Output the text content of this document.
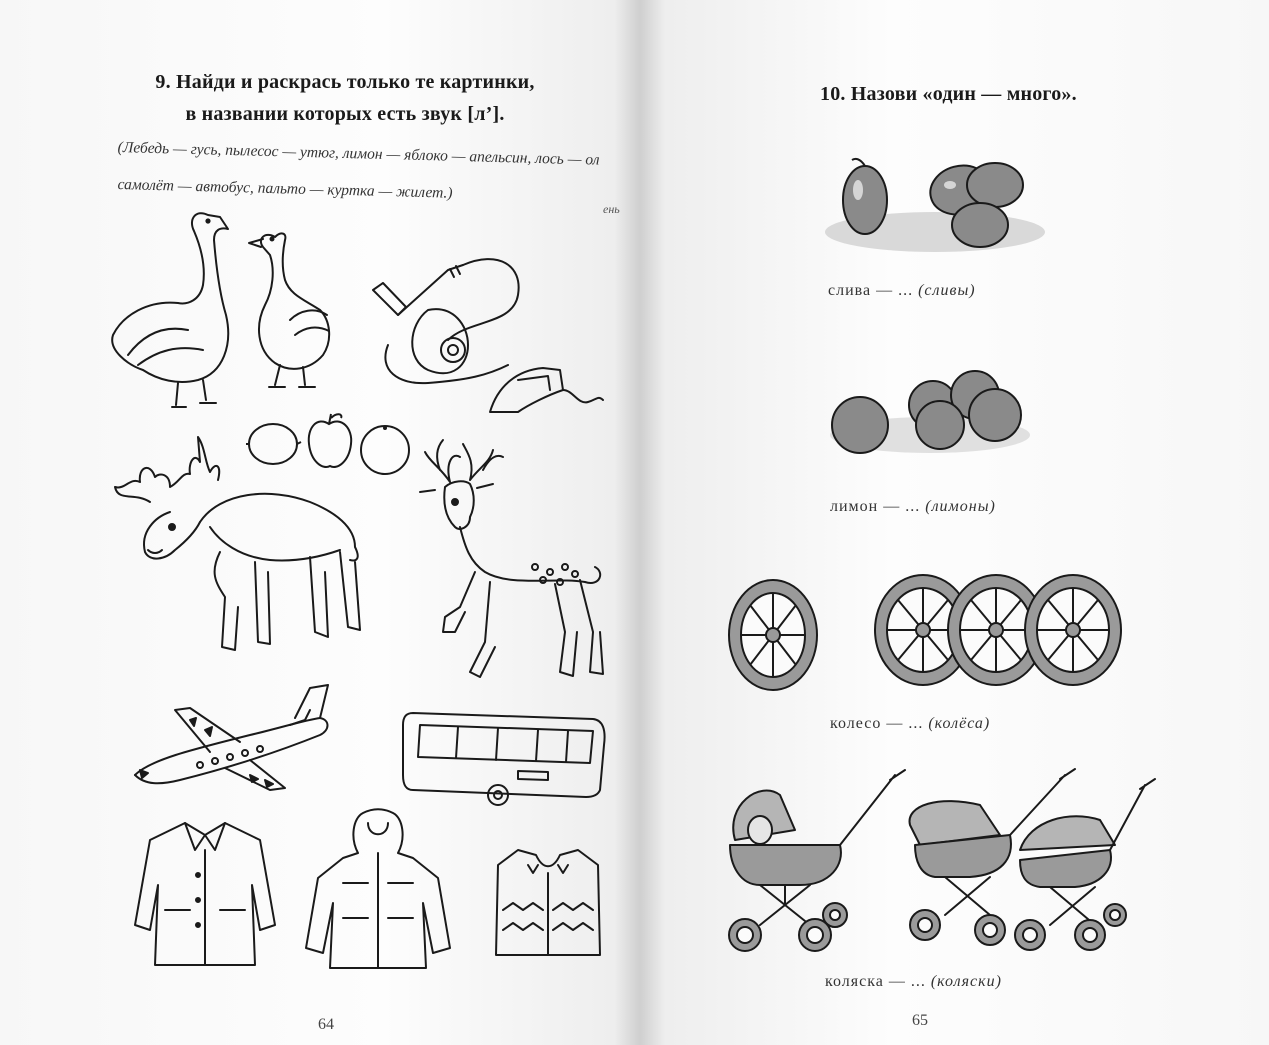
9. Найди и раскрась только те картинки,
в названии которых есть звук [л’].
(Лебедь — гусь, пылесос — утюг, лимон — яблоко — апельсин, лось — ол
самолёт — автобус, пальто — куртка — жилет.)
ень
64
10. Назови «один — много».
слива — ... (сливы)
лимон — ... (лимоны)
колесо — ... (колёса)
коляска — ... (коляски)
65
